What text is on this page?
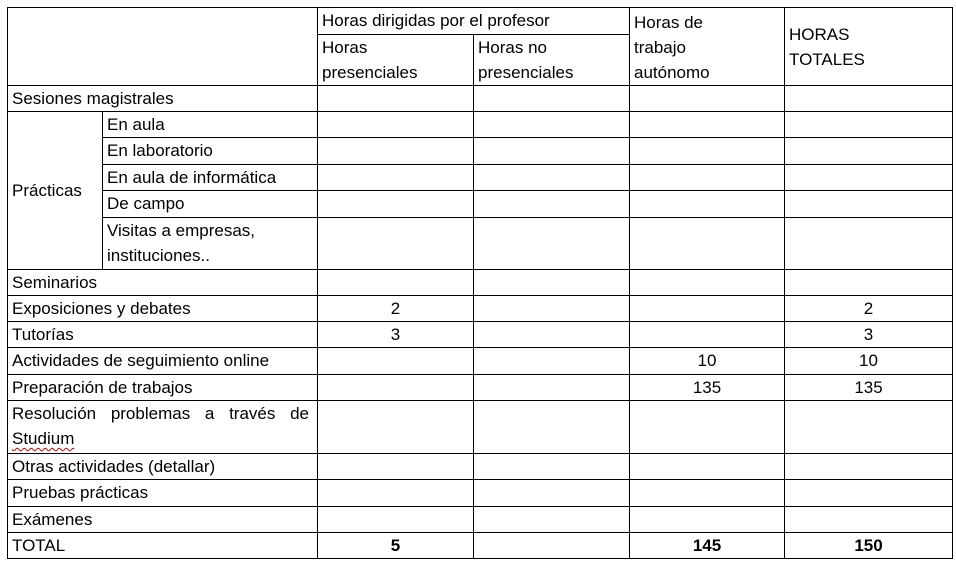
		Horas dirigidas por el profesor		Horas de trabajo autónomo	HORAS TOTALES

		Horas presenciales	Horas no presenciales		

Sesiones magistrales					
Prácticas	En aula				
	En laboratorio				
	En aula de informática				
	De campo				

	Visitas a empresas, instituciones..				

Seminarios					
Exposiciones y debates		2			2
Tutorías		3			3
Actividades de seguimiento online				10	10
Preparación de trabajos				135	135

Resolución problemas a través de
Studium					
Otras actividades (detallar)					
Pruebas prácticas					
Exámenes					
TOTAL		5		145	150
